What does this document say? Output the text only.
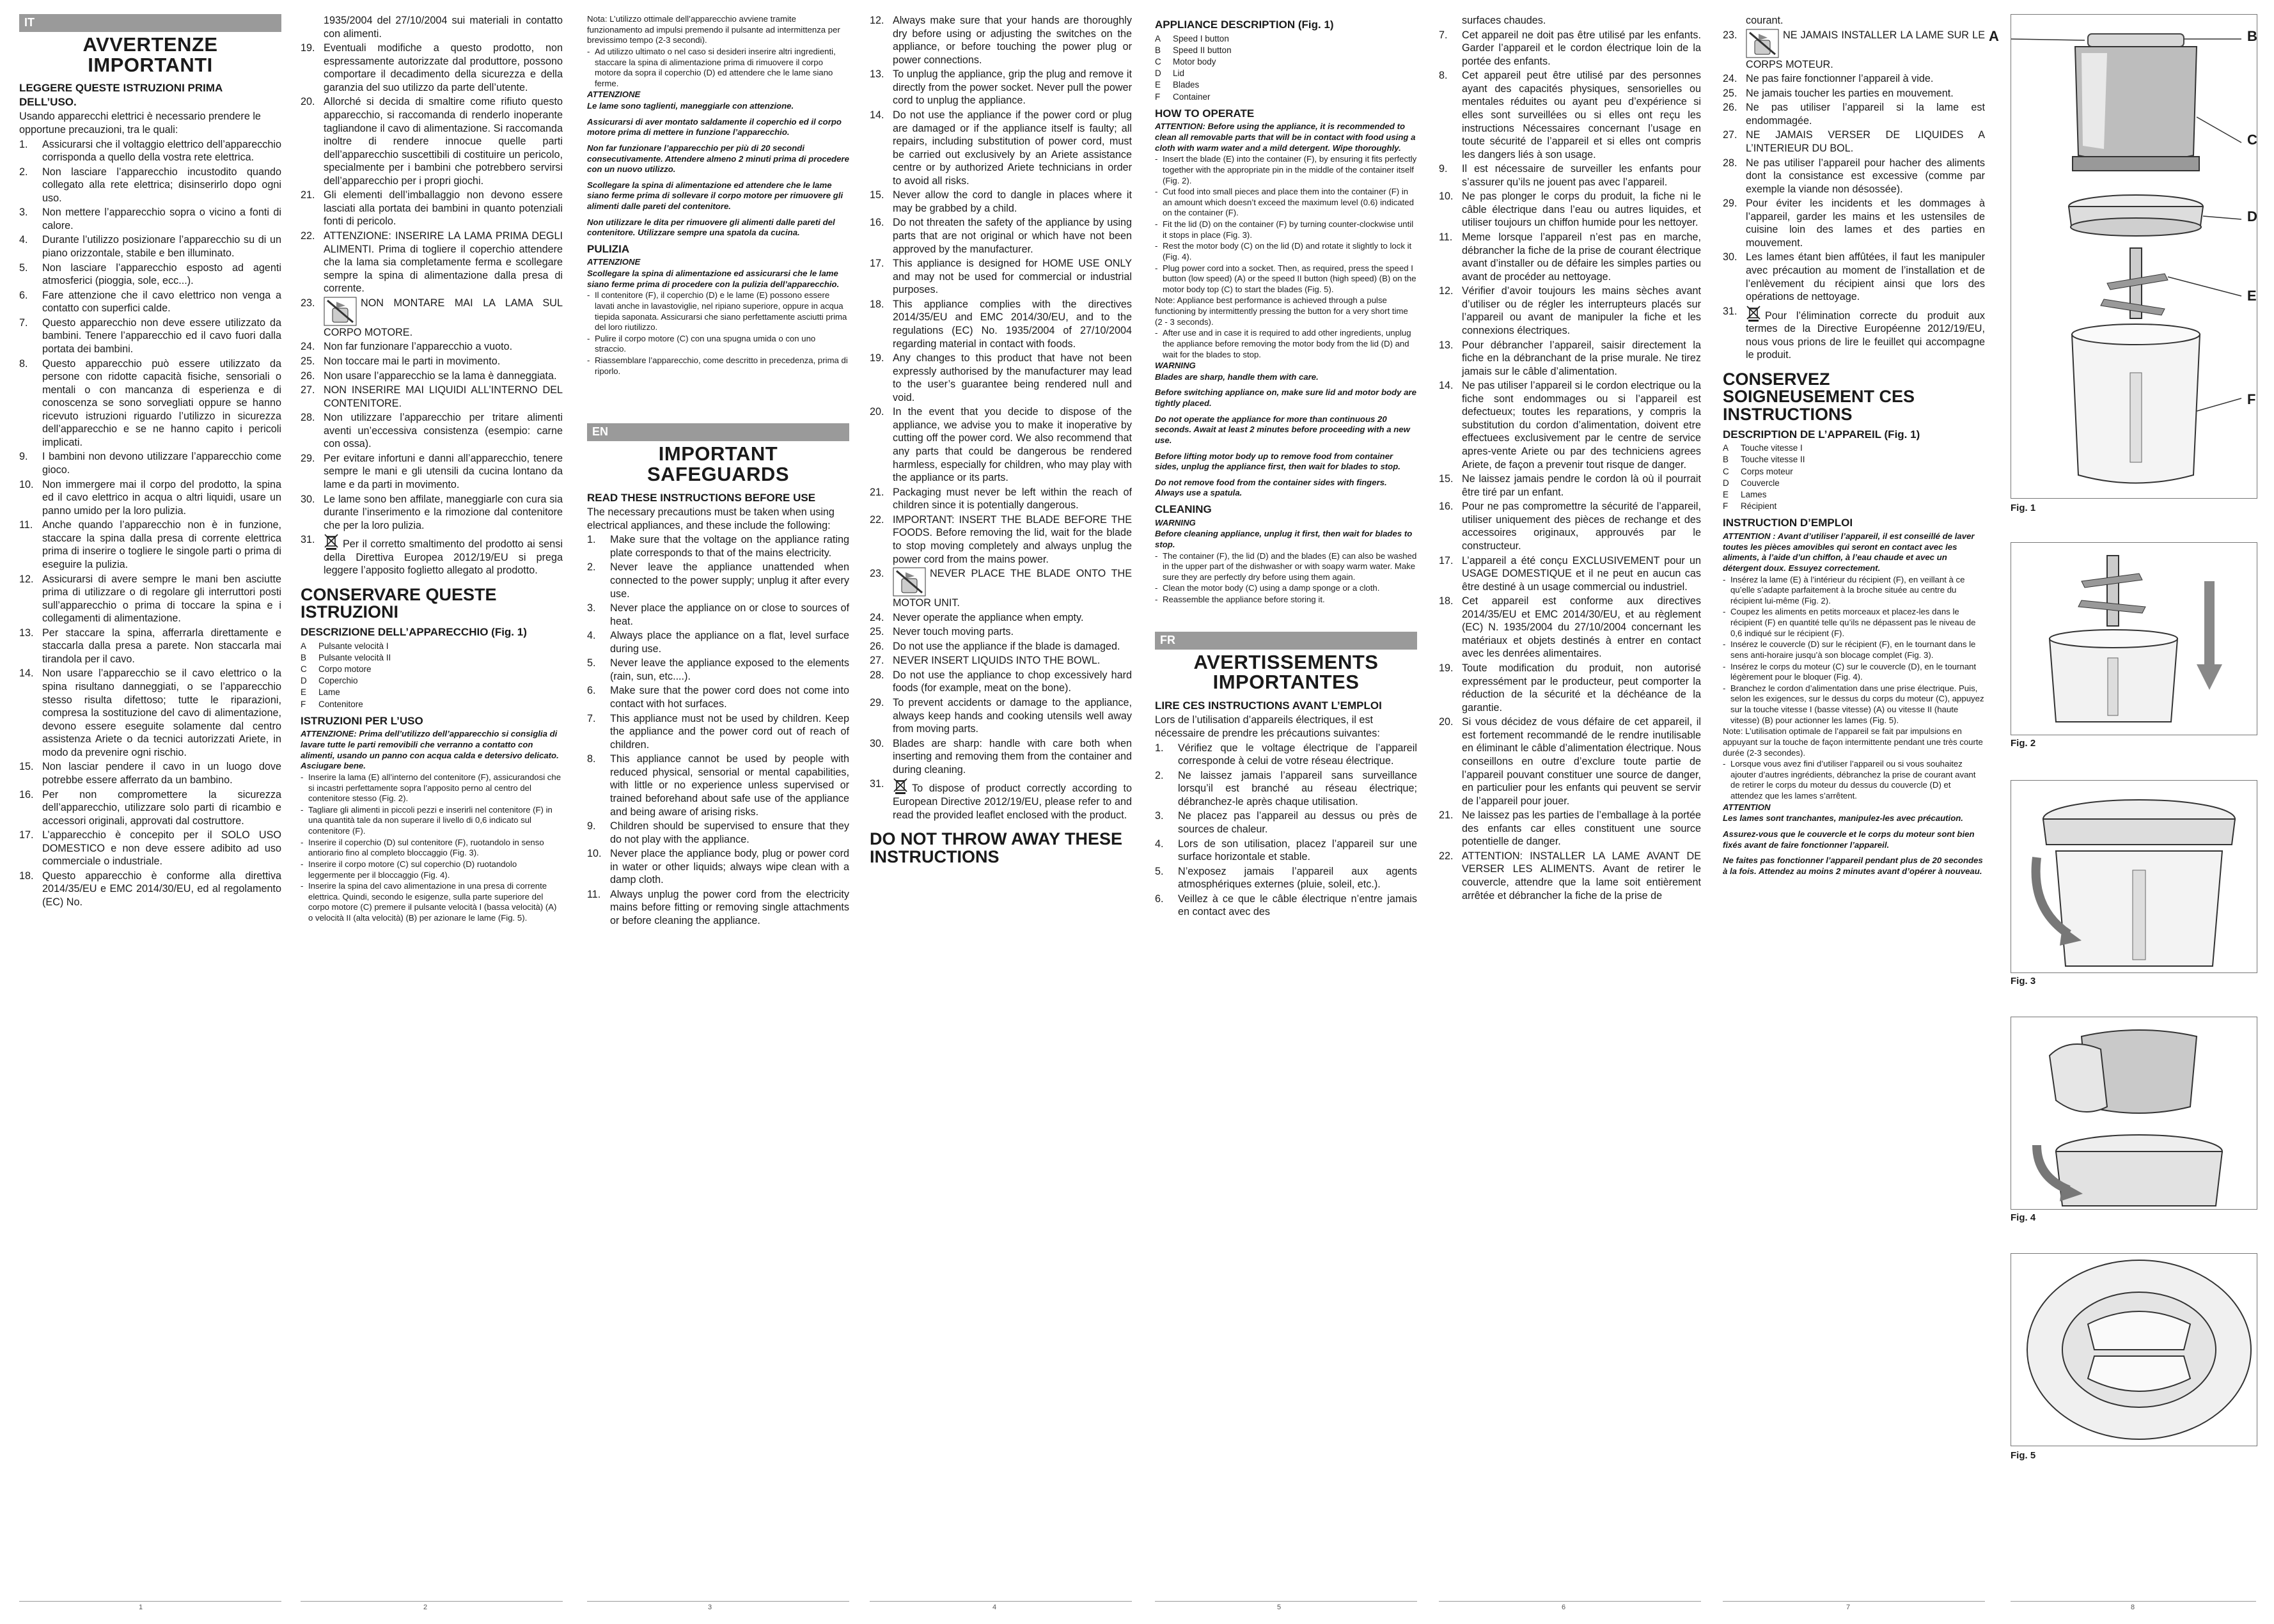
IT
AVVERTENZE IMPORTANTI
LEGGERE QUESTE ISTRUZIONI PRIMA DELL’USO.

Usando apparecchi elettrici è necessario prendere le opportune precauzioni, tra le quali:

1.	Assicurarsi che il voltaggio elettrico dell’apparecchio corrisponda a quello della vostra rete elettrica.
2.	Non lasciare l’apparecchio incustodito quando collegato alla rete elettrica; disinserirlo dopo ogni uso.
3.	Non mettere l’apparecchio sopra o vicino a fonti di calore.
4.	Durante l’utilizzo posizionare l’apparecchio su di un piano orizzontale, stabile e ben illuminato.
5.	Non lasciare l’apparecchio esposto ad agenti atmosferici (pioggia, sole, ecc...).
6.	Fare attenzione che il cavo elettrico non venga a contatto con superfici calde.
7.	Questo apparecchio non deve essere utilizzato da bambini. Tenere l’apparecchio ed il cavo fuori dalla portata dei bambini.
8.	Questo apparecchio può essere utilizzato da persone con ridotte capacità fisiche, sensoriali o mentali o con mancanza di esperienza e di conoscenza se sono sorvegliati oppure se hanno ricevuto istruzioni riguardo l’utilizzo in sicurezza dell’apparecchio e se ne hanno capito i pericoli implicati.
9.	I bambini non devono utilizzare l’apparecchio come gioco.
10. Non immergere mai il corpo del prodotto, la spina ed il cavo elettrico in acqua o altri liquidi, usare un panno umido per la loro pulizia.
11. Anche quando l’apparecchio non è in funzione, staccare la spina dalla presa di corrente elettrica prima di inserire o togliere le singole parti o prima di eseguire la pulizia.
12. Assicurarsi di avere sempre le mani ben asciutte prima di utilizzare o di regolare gli interruttori posti sull’apparecchio o prima di toccare la spina e i collegamenti di alimentazione.
13. Per staccare la spina, afferrarla direttamente e staccarla dalla presa a parete. Non staccarla mai tirandola per il cavo.
14. Non usare l’apparecchio se il cavo elettrico o la spina risultano danneggiati, o se l’apparecchio stesso risulta difettoso; tutte le riparazioni, compresa la sostituzione del cavo di alimentazione, devono essere eseguite solamente dal centro assistenza Ariete o da tecnici autorizzati Ariete, in modo da prevenire ogni rischio.
15. Non lasciar pendere il cavo in un luogo dove potrebbe essere afferrato da un bambino.
16. Per non compromettere la sicurezza dell’apparecchio, utilizzare solo parti di ricambio e accessori originali, approvati dal costruttore.
17. L’apparecchio è concepito per il SOLO USO DOMESTICO e non deve essere adibito ad uso commerciale o industriale.
18. Questo apparecchio è conforme alla direttiva 2014/35/EU e EMC 2014/30/EU, ed al regolamento (EC) No.
1935/2004 del 27/10/2004 sui materiali in contatto con alimenti.
19. Eventuali modifiche a questo prodotto, non espressamente autorizzate dal produttore, possono comportare il decadimento della sicurezza e della garanzia del suo utilizzo da parte dell’utente.
20. Allorché si decida di smaltire come rifiuto questo apparecchio, si raccomanda di renderlo inoperante tagliandone il cavo di alimentazione. Si raccomanda inoltre di rendere innocue quelle parti dell’apparecchio suscettibili di costituire un pericolo, specialmente per i bambini che potrebbero servirsi dell’apparecchio per i propri giochi.
21. Gli elementi dell’imballaggio non devono essere lasciati alla portata dei bambini in quanto potenziali fonti di pericolo.
22. ATTENZIONE: INSERIRE LA LAMA PRIMA DEGLI ALIMENTI. Prima di togliere il coperchio attendere che la lama sia completamente ferma e scollegare sempre la spina di alimentazione dalla presa di corrente.
23.	NON MONTARE MAI LA LAMA SUL CORPO MOTORE.
24. Non far funzionare l’apparecchio a vuoto.
25. Non toccare mai le parti in movimento.
26. Non usare l’apparecchio se la lama è danneggiata.
27. NON INSERIRE MAI LIQUIDI ALL’INTERNO DEL CONTENITORE.
28. Non utilizzare l’apparecchio per tritare alimenti aventi un’eccessiva consistenza (esempio: carne con ossa).
29. Per evitare infortuni e danni all’apparecchio, tenere sempre le mani e gli utensili da cucina lontano da lame e da parti in movimento.
30. Le lame sono ben affilate, maneggiarle con cura sia durante l’inserimento e la rimozione dal contenitore che per la loro pulizia.
31.	Per il corretto smaltimento del prodotto ai sensi della Direttiva Europea 2012/19/EU si prega leggere l’apposito foglietto allegato al prodotto.
CONSERVARE QUESTE ISTRUZIONI
DESCRIZIONE DELL’APPARECCHIO (Fig. 1)
A	Pulsante velocità I
B	Pulsante velocità II
C	Corpo motore
D	Coperchio
E	Lame
F	Contenitore
ISTRUZIONI PER L’USO

ATTENZIONE: Prima dell’utilizzo dell’apparecchio si consiglia di lavare tutte le parti removibili che verranno a contatto con alimenti, usando un panno con acqua calda e detersivo delicato. Asciugare bene.

- Inserire la lama (E) all’interno del contenitore (F), assicurandosi che si incastri perfettamente sopra l’apposito perno al centro del contenitore stesso (Fig. 2).
- Tagliare gli alimenti in piccoli pezzi e inserirli nel contenitore (F) in una quantità tale da non superare il livello di 0,6 indicato sul contenitore (F).
- Inserire il coperchio (D) sul contenitore (F), ruotandolo in senso antiorario fino al completo bloccaggio (Fig. 3).
- Inserire il corpo motore (C) sul coperchio (D) ruotandolo leggermente per il bloccaggio (Fig. 4).
- Inserire la spina del cavo alimentazione in una presa di corrente elettrica. Quindi, secondo le esigenze, sulla parte superiore del corpo motore (C) premere il pulsante velocità I (bassa velocità) (A) o velocità II (alta velocità) (B) per azionare le lame (Fig. 5).

Nota: L’utilizzo ottimale dell’apparecchio avviene tramite funzionamento ad impulsi premendo il pulsante ad intermittenza per brevissimo tempo (2-3 secondi).

- Ad utilizzo ultimato o nel caso si desideri inserire altri ingredienti, staccare la spina di alimentazione prima di rimuovere il corpo motore da sopra il coperchio (D) ed attendere che le lame siano ferme.

ATTENZIONE

Le lame sono taglienti, maneggiarle con attenzione.

Assicurarsi di aver montato saldamente il coperchio ed il corpo motore prima di mettere in funzione l’apparecchio.

Non far funzionare l’apparecchio per più di 20 secondi consecutivamente. Attendere almeno 2 minuti prima di procedere con un nuovo utilizzo.

Scollegare la spina di alimentazione ed attendere che le lame siano ferme prima di sollevare il corpo motore per rimuovere gli alimenti dalle pareti del contenitore.

Non utilizzare le dita per rimuovere gli alimenti dalle pareti del contenitore. Utilizzare sempre una spatola da cucina.

PULIZIA

ATTENZIONE

Scollegare la spina di alimentazione ed assicurarsi che le lame siano ferme prima di procedere con la pulizia dell’apparecchio.

- Il contenitore (F), il coperchio (D) e le lame (E) possono essere lavati anche in lavastoviglie, nel ripiano superiore, oppure in acqua tiepida saponata. Assicurarsi che siano perfettamente asciutti prima del loro riutilizzo.
- Pulire il corpo motore (C) con una spugna umida o con uno straccio.
- Riassemblare l’apparecchio, come descritto in precedenza, prima di riporlo.
EN
IMPORTANT SAFEGUARDS
READ THESE INSTRUCTIONS BEFORE USE

The necessary precautions must be taken when using electrical appliances, and these include the following:

1.	Make sure that the voltage on the appliance rating plate corresponds to that of the mains electricity.
2.	Never leave the appliance unattended when connected to the power supply; unplug it after every use.
3.	Never place the appliance on or close to sources of heat.
4.	Always place the appliance on a flat, level surface during use.
5.	Never leave the appliance exposed to the elements (rain, sun, etc....).
6.	Make sure that the power cord does not come into contact with hot surfaces.
7.	This appliance must not be used by children. Keep the appliance and the power cord out of reach of children.
8.	This appliance cannot be used by people with reduced physical, sensorial or mental capabilities, with little or no experience unless supervised or trained beforehand about safe use of the appliance and being aware of arising risks.
9.	Children should be supervised to ensure that they do not play with the appliance.
10. Never place the appliance body, plug or power cord in water or other liquids; always wipe clean with a damp cloth.
11. Always unplug the power cord from the electricity mains before fitting or removing single attachments or before cleaning the appliance.
12. Always make sure that your hands are thoroughly dry before using or adjusting the switches on the appliance, or before touching the power plug or power connections.
13. To unplug the appliance, grip the plug and remove it directly from the power socket. Never pull the power cord to unplug the appliance.
14. Do not use the appliance if the power cord or plug are damaged or if the appliance itself is faulty; all repairs, including substitution of power cord, must be carried out exclusively by an Ariete assistance centre or by authorized Ariete technicians in order to avoid all risks.
15. Never allow the cord to dangle in places where it may be grabbed by a child.
16. Do not threaten the safety of the appliance by using parts that are not original or which have not been approved by the manufacturer.
17. This appliance is designed for HOME USE ONLY and may not be used for commercial or industrial purposes.
18. This appliance complies with the directives 2014/35/EU and EMC 2014/30/EU, and to the regulations (EC) No. 1935/2004 of 27/10/2004 regarding material in contact with foods.
19. Any changes to this product that have not been expressly authorised by the manufacturer may lead to the user’s guarantee being rendered null and void.
20. In the event that you decide to dispose of the appliance, we advise you to make it inoperative by cutting off the power cord. We also recommend that any parts that could be dangerous be rendered harmless, especially for children, who may play with the appliance or its parts.
21. Packaging must never be left within the reach of children since it is potentially dangerous.
22. IMPORTANT: INSERT THE BLADE BEFORE THE FOODS. Before removing the lid, wait for the blade to stop moving completely and always unplug the power cord from the mains power.
23.	NEVER PLACE THE BLADE ONTO THE MOTOR UNIT.
24. Never operate the appliance when empty.
25. Never touch moving parts.
26. Do not use the appliance if the blade is damaged.
27. NEVER INSERT LIQUIDS INTO THE BOWL.
28. Do not use the appliance to chop excessively hard foods (for example, meat on the bone).
29. To prevent accidents or damage to the appliance, always keep hands and cooking utensils well away from moving parts.
30. Blades are sharp: handle with care both when inserting and removing them from the container and during cleaning.
31.	To dispose of product correctly according to European Directive 2012/19/EU, please refer to and read the provided leaflet enclosed with the product.
DO NOT THROW AWAY THESE INSTRUCTIONS
APPLIANCE DESCRIPTION (Fig. 1)
A	Speed I button
B	Speed II button
C	Motor body
D	Lid
E	Blades
F	Container
HOW TO OPERATE

ATTENTION: Before using the appliance, it is recommended to clean all removable parts that will be in contact with food using a cloth with warm water and a mild detergent. Wipe thoroughly.

- Insert the blade (E) into the container (F), by ensuring it fits perfectly together with the appropriate pin in the middle of the container itself (Fig. 2).
- Cut food into small pieces and place them into the container (F) in an amount which doesn’t exceed the maximum level (0.6) indicated on the container (F).
- Fit the lid (D) on the container (F) by turning counter-clockwise until it stops in place (Fig. 3).
- Rest the motor body (C) on the lid (D) and rotate it slightly to lock it (Fig. 4).
- Plug power cord into a socket. Then, as required, press the speed I button (low speed) (A) or the speed II button (high speed) (B) on the motor body top (C) to start the blades (Fig. 5).

Note: Appliance best performance is achieved through a pulse functioning by intermittently pressing the button for a very short time (2 - 3 seconds).

- After use and in case it is required to add other ingredients, unplug the appliance before removing the motor body from the lid (D) and wait for the blades to stop.

WARNING

Blades are sharp, handle them with care.

Before switching appliance on, make sure lid and motor body are tightly placed.

Do not operate the appliance for more than continuous 20 seconds. Await at least 2 minutes before proceeding with a new use.

Before lifting motor body up to remove food from container sides, unplug the appliance first, then wait for blades to stop.

Do not remove food from the container sides with fingers. Always use a spatula.

CLEANING

WARNING

Before cleaning appliance, unplug it first, then wait for blades to stop.

- The container (F), the lid (D) and the blades (E) can also be washed in the upper part of the dishwasher or with soapy warm water. Make sure they are perfectly dry before using them again.
- Clean the motor body (C) using a damp sponge or a cloth.
- Reassemble the appliance before storing it.
FR
AVERTISSEMENTS IMPORTANTES
LIRE CES INSTRUCTIONS AVANT L’EMPLOI

Lors de l’utilisation d’appareils électriques, il est nécessaire de prendre les précautions suivantes:

1.	Vérifiez que le voltage électrique de l’appareil corresponde à celui de votre réseau électrique.
2.	Ne laissez jamais l’appareil sans surveillance lorsqu’il est branché au réseau électrique; débranchez-le après chaque utilisation.
3.	Ne placez pas l’appareil au dessus ou près de sources de chaleur.
4.	Lors de son utilisation, placez l’appareil sur une surface horizontale et stable.
5.	N’exposez jamais l’appareil aux agents atmosphériques externes (pluie, soleil, etc.).
6.	Veillez à ce que le câble électrique n’entre jamais en contact avec des
surfaces chaudes.
7.	Cet appareil ne doit pas être utilisé par les enfants. Garder l’appareil et le cordon électrique loin de la portée des enfants.
8.	Cet appareil peut être utilisé par des personnes ayant des capacités physiques, sensorielles ou mentales réduites ou ayant peu d’expérience si elles sont surveillées ou si elles ont reçu les instructions Nécessaires concernant l’usage en toute sécurité de l’appareil et si elles ont compris les dangers liés à son usage.
9.	Il est nécessaire de surveiller les enfants pour s’assurer qu’ils ne jouent pas avec l’appareil.
10. Ne pas plonger le corps du produit, la fiche ni le câble électrique dans l’eau ou autres liquides, et utiliser toujours un chiffon humide pour les nettoyer.
11. Meme lorsque l’appareil n’est pas en marche, débrancher la fiche de la prise de courant électrique avant d’installer ou de défaire les simples parties ou avant de procéder au nettoyage.
12. Vérifier d’avoir toujours les mains sèches avant d’utiliser ou de régler les interrupteurs placés sur l’appareil ou avant de manipuler la fiche et les connexions électriques.
13. Pour débrancher l’appareil, saisir directement la fiche en la débranchant de la prise murale. Ne tirez jamais sur le câble d’alimentation.
14. Ne pas utiliser l’appareil si le cordon electrique ou la fiche sont endommages ou si l’appareil est defectueux; toutes les reparations, y compris la substitution du cordon d’alimentation, doivent etre effectuees exclusivement par le centre de service apres-vente Ariete ou par des techniciens agrees Ariete, de façon a prevenir tout risque de danger.
15. Ne laissez jamais pendre le cordon là où il pourrait être tiré par un enfant.
16. Pour ne pas compromettre la sécurité de l’appareil, utiliser uniquement des pièces de rechange et des accessoires originaux, approuvés par le constructeur.
17. L’appareil a été conçu EXCLUSIVEMENT pour un USAGE DOMESTIQUE et il ne peut en aucun cas être destiné à un usage commercial ou industriel.
18. Cet appareil est conforme aux directives 2014/35/EU et EMC 2014/30/EU, et au règlement (EC) N. 1935/2004 du 27/10/2004 concernant les matériaux et objets destinés à entrer en contact avec les denrées alimentaires.
19. Toute modification du produit, non autorisé expressément par le producteur, peut comporter la réduction de la sécurité et la déchéance de la garantie.
20. Si vous décidez de vous défaire de cet appareil, il est fortement recommandé de le rendre inutilisable en éliminant le câble d’alimentation électrique. Nous conseillons en outre d’exclure toute partie de l’appareil pouvant constituer une source de danger, en particulier pour les enfants qui peuvent se servir de l’appareil pour jouer.
21. Ne laissez pas les parties de l’emballage à la portée des enfants car elles constituent une source potentielle de danger.
22. ATTENTION: INSTALLER LA LAME AVANT DE VERSER LES ALIMENTS. Avant de retirer le couvercle, attendre que la lame soit entièrement arrêtée et débrancher la fiche de la prise de
courant.
23.	NE JAMAIS INSTALLER LA LAME SUR LE CORPS MOTEUR.
24. Ne pas faire fonctionner l’appareil à vide.
25. Ne jamais toucher les parties en mouvement.
26. Ne pas utiliser l’appareil si la lame est endommagée.
27. NE JAMAIS VERSER DE LIQUIDES A L’INTERIEUR DU BOL.
28. Ne pas utiliser l’appareil pour hacher des aliments dont la consistance est excessive (comme par exemple la viande non désossée).
29. Pour éviter les incidents et les dommages à l’appareil, garder les mains et les ustensiles de cuisine loin des lames et des parties en mouvement.
30. Les lames étant bien affûtées, il faut les manipuler avec précaution au moment de l’installation et de l’enlèvement du récipient ainsi que lors des opérations de nettoyage.
31.	Pour l’élimination correcte du produit aux termes de la Directive Européenne 2012/19/EU, nous vous prions de lire le feuillet qui accompagne le produit.
CONSERVEZ SOIGNEUSEMENT CES INSTRUCTIONS
DESCRIPTION DE L’APPAREIL (Fig. 1)
A	Touche vitesse I
B	Touche vitesse II
C	Corps moteur
D	Couvercle
E	Lames
F	Récipient
INSTRUCTION D’EMPLOI

ATTENTION : Avant d’utiliser l’appareil, il est conseillé de laver toutes les pièces amovibles qui seront en contact avec les aliments, à l’aide d’un chiffon, à l’eau chaude et avec un détergent doux. Essuyez correctement.

- Insérez la lame (E) à l’intérieur du récipient (F), en veillant à ce qu’elle s’adapte parfaitement à la broche située au centre du récipient lui-même (Fig. 2).
- Coupez les aliments en petits morceaux et placez-les dans le récipient (F) en quantité telle qu’ils ne dépassent pas le niveau de 0,6 indiqué sur le récipient (F).
- Insérez le couvercle (D) sur le récipient (F), en le tournant dans le sens anti-horaire jusqu’à son blocage complet (Fig. 3).
- Insérez le corps du moteur (C) sur le couvercle (D), en le tournant légèrement pour le bloquer (Fig. 4).
- Branchez le cordon d’alimentation dans une prise électrique. Puis, selon les exigences, sur le dessus du corps du moteur (C), appuyez sur la touche vitesse I (basse vitesse) (A) ou vitesse II (haute vitesse) (B) pour actionner les lames (Fig. 5).

Note: L’utilisation optimale de l’appareil se fait par impulsions en appuyant sur la touche de façon intermittente pendant une très courte durée (2-3 secondes).

- Lorsque vous avez fini d’utiliser l’appareil ou si vous souhaitez ajouter d’autres ingrédients, débranchez la prise de courant avant de retirer le corps du moteur du dessus du couvercle (D) et attendez que les lames s’arrêtent.

ATTENTION

Les lames sont tranchantes, manipulez-les avec précaution.

Assurez-vous que le couvercle et le corps du moteur sont bien fixés avant de faire fonctionner l’appareil.

Ne faites pas fonctionner l’appareil pendant plus de 20 secondes à la fois. Attendez au moins 2 minutes avant d’opérer à nouveau.

A	B
C
D
E
F
Fig. 1
Fig. 2
Fig. 3
Fig. 4
Fig. 5
1	2	3	4	5	6	7	8
